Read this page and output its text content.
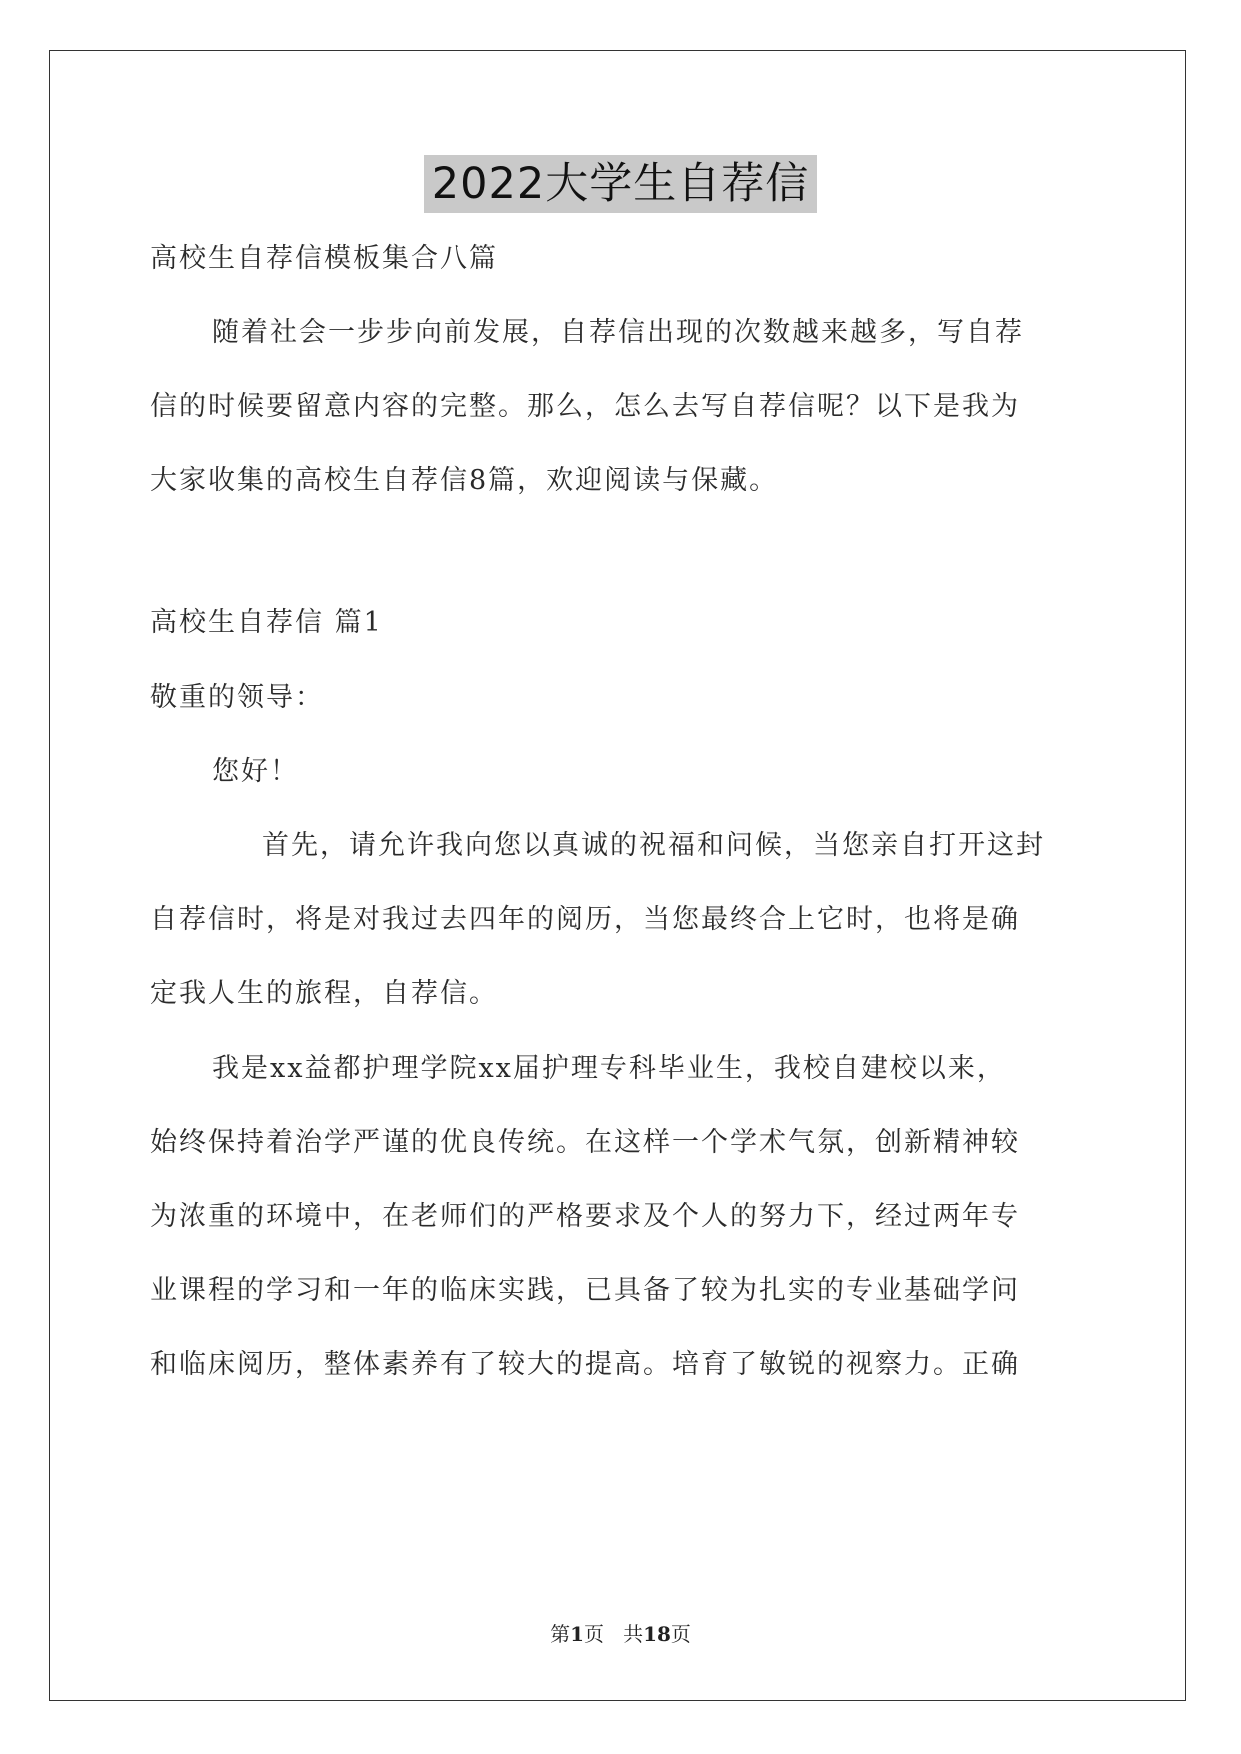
2022大学生自荐信
高校生自荐信模板集合八篇
随着社会一步步向前发展，自荐信出现的次数越来越多，写自荐
信的时候要留意内容的完整。那么，怎么去写自荐信呢？以下是我为
大家收集的高校生自荐信8篇，欢迎阅读与保藏。
高校生自荐信 篇1
敬重的领导：
您好！
首先，请允许我向您以真诚的祝福和问候，当您亲自打开这封
自荐信时，将是对我过去四年的阅历，当您最终合上它时，也将是确
定我人生的旅程，自荐信。
我是xx益都护理学院xx届护理专科毕业生，我校自建校以来，
始终保持着治学严谨的优良传统。在这样一个学术气氛，创新精神较
为浓重的环境中，在老师们的严格要求及个人的努力下，经过两年专
业课程的学习和一年的临床实践，已具备了较为扎实的专业基础学问
和临床阅历，整体素养有了较大的提高。培育了敏锐的视察力。正确
第1页 共18页
